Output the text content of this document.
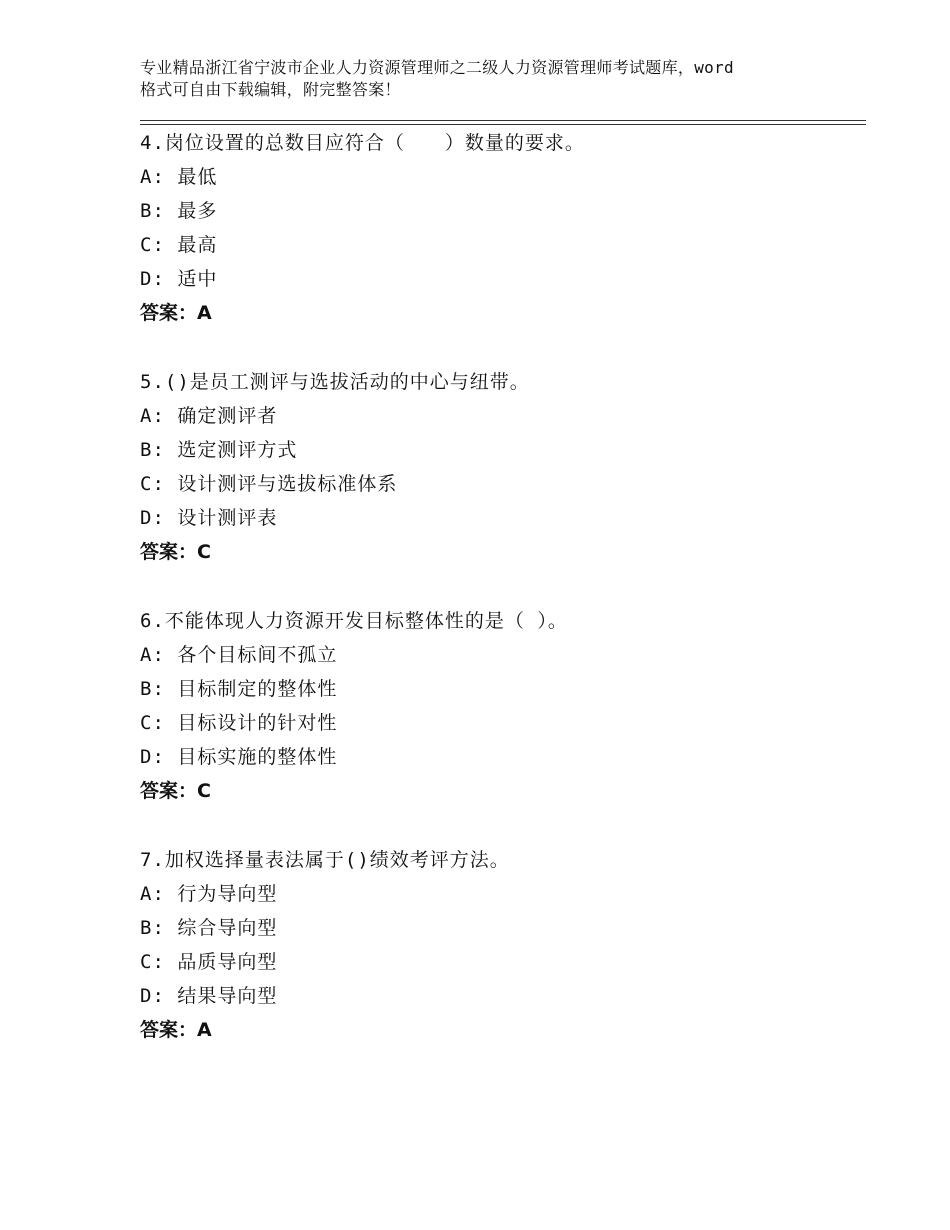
专业精品浙江省宁波市企业人力资源管理师之二级人力资源管理师考试题库，word
格式可自由下载编辑，附完整答案！
4.岗位设置的总数目应符合（　　）数量的要求。
A: 最低
B: 最多
C: 最高
D: 适中
答案：A
5.()是员工测评与选拔活动的中心与纽带。
A: 确定测评者
B: 选定测评方式
C: 设计测评与选拔标准体系
D: 设计测评表
答案：C
6.不能体现人力资源开发目标整体性的是（ ）。
A: 各个目标间不孤立
B: 目标制定的整体性
C: 目标设计的针对性
D: 目标实施的整体性
答案：C
7.加权选择量表法属于()绩效考评方法。
A: 行为导向型
B: 综合导向型
C: 品质导向型
D: 结果导向型
答案：A
